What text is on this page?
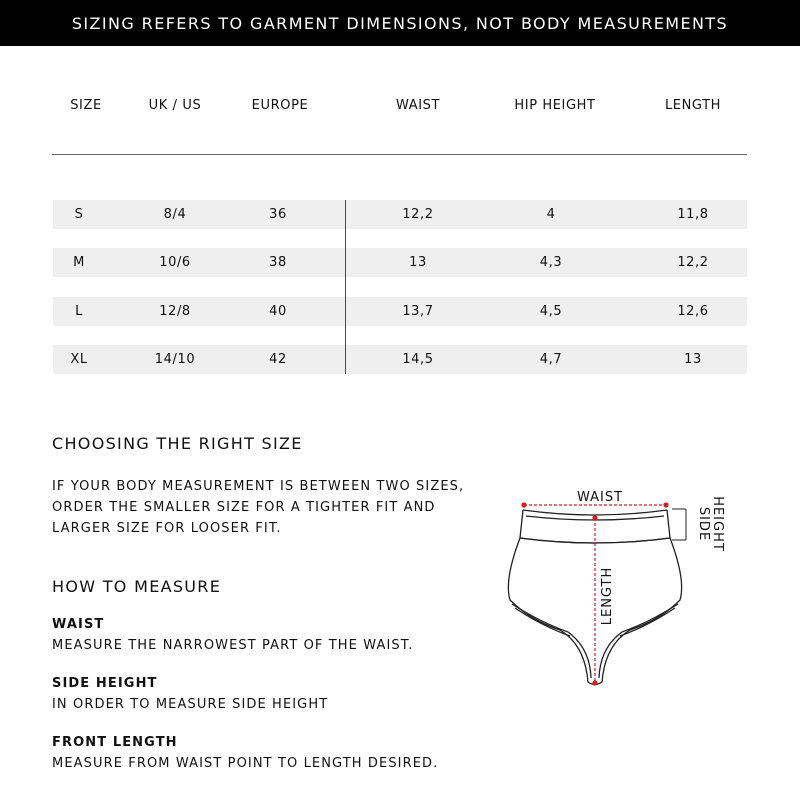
SIZING REFERS TO GARMENT DIMENSIONS, NOT BODY MEASUREMENTS
SIZE	UK / US	EUROPE	WAIST	HIP HEIGHT	LENGTH
S	8/4	36	12,2	4	11,8
M	10/6	38	13	4,3	12,2
L	12/8	40	13,7	4,5	12,6
XL	14/10	42	14,5	4,7	13
CHOOSING THE RIGHT SIZE
IF YOUR BODY MEASUREMENT IS BETWEEN TWO SIZES,
ORDER THE SMALLER SIZE FOR A TIGHTER FIT AND
LARGER SIZE FOR LOOSER FIT.
HOW TO MEASURE
WAIST
MEASURE THE NARROWEST PART OF THE WAIST.
SIDE HEIGHT
IN ORDER TO MEASURE SIDE HEIGHT
FRONT LENGTH
MEASURE FROM WAIST POINT TO LENGTH DESIRED.
WAIST
SIDE HEIGHT
LENGTH
